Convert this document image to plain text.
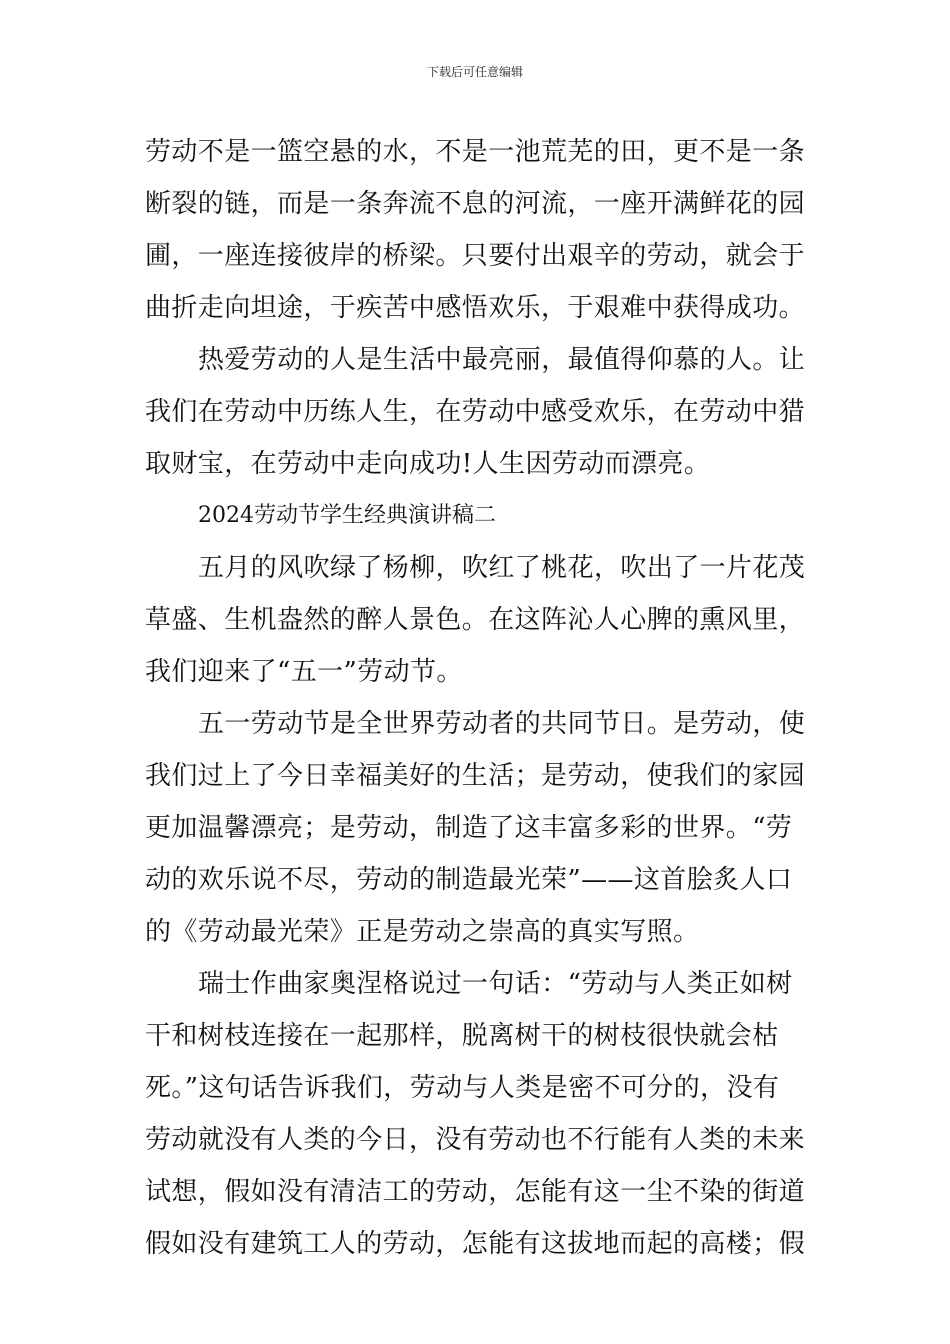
下载后可任意编辑
劳动不是一篮空悬的水，不是一池荒芜的田，更不是一条
断裂的链，而是一条奔流不息的河流，一座开满鲜花的园
圃，一座连接彼岸的桥梁。只要付出艰辛的劳动，就会于
曲折走向坦途，于疾苦中感悟欢乐，于艰难中获得成功。
热爱劳动的人是生活中最亮丽，最值得仰慕的人。让
我们在劳动中历练人生，在劳动中感受欢乐，在劳动中猎
取财宝，在劳动中走向成功!人生因劳动而漂亮。
2024劳动节学生经典演讲稿二
五月的风吹绿了杨柳，吹红了桃花，吹出了一片花茂
草盛、生机盎然的醉人景色。在这阵沁人心脾的熏风里，
我们迎来了“五一”劳动节。
五一劳动节是全世界劳动者的共同节日。是劳动，使
我们过上了今日幸福美好的生活；是劳动，使我们的家园
更加温馨漂亮；是劳动，制造了这丰富多彩的世界。“劳
动的欢乐说不尽，劳动的制造最光荣”——这首脍炙人口
的《劳动最光荣》正是劳动之崇高的真实写照。
瑞士作曲家奥涅格说过一句话：“劳动与人类正如树
干和树枝连接在一起那样，脱离树干的树枝很快就会枯
死。”这句话告诉我们，劳动与人类是密不可分的，没有
劳动就没有人类的今日，没有劳动也不行能有人类的未来
试想，假如没有清洁工的劳动，怎能有这一尘不染的街道
假如没有建筑工人的劳动，怎能有这拔地而起的高楼；假
